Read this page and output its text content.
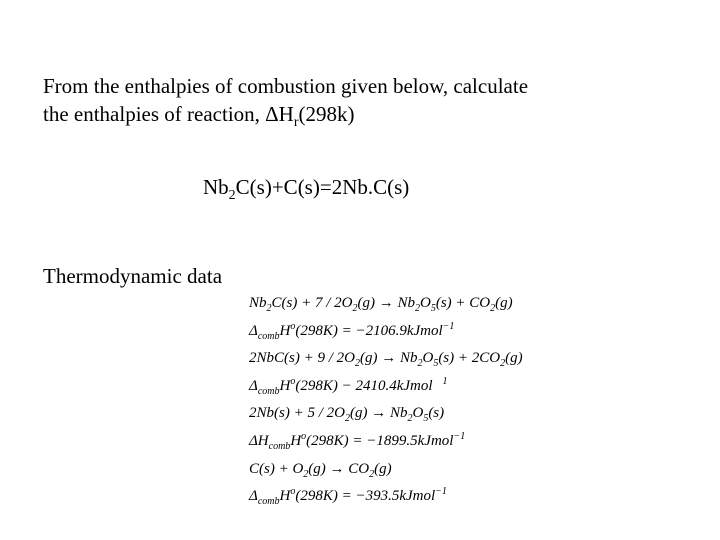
From the enthalpies of combustion given below, calculate
the enthalpies of reaction, $\Delta H_r(298k)$
$Nb_2C(s)+C(s)=2Nb.C(s)$
Thermodynamic data
$Nb_2C(s) + 7 / 2O_2(g) \to Nb_2O_5(s) + CO_2(g)$
$\Delta_{comb}H^o(298K)$ = −2106.9kJmol$^{-1}$
$2NbC(s) + 9 / 2O_2(g) \to Nb_2O_5(s) + 2CO_2(g)$
$\Delta_{comb}H^o(298K)$ − 2410.4kJmol $^1$
$2Nb(s) + 5 / 2O_2(g) \to Nb_2O_5(s)$
$\Delta H_{comb}H^o(298K)$ = −1899.5kJmol$^{-1}$
$C(s) + O_2(g) \to CO_2(g)$
$\Delta_{comb}H^o(298K)$ = −393.5kJmol$^{-1}$
